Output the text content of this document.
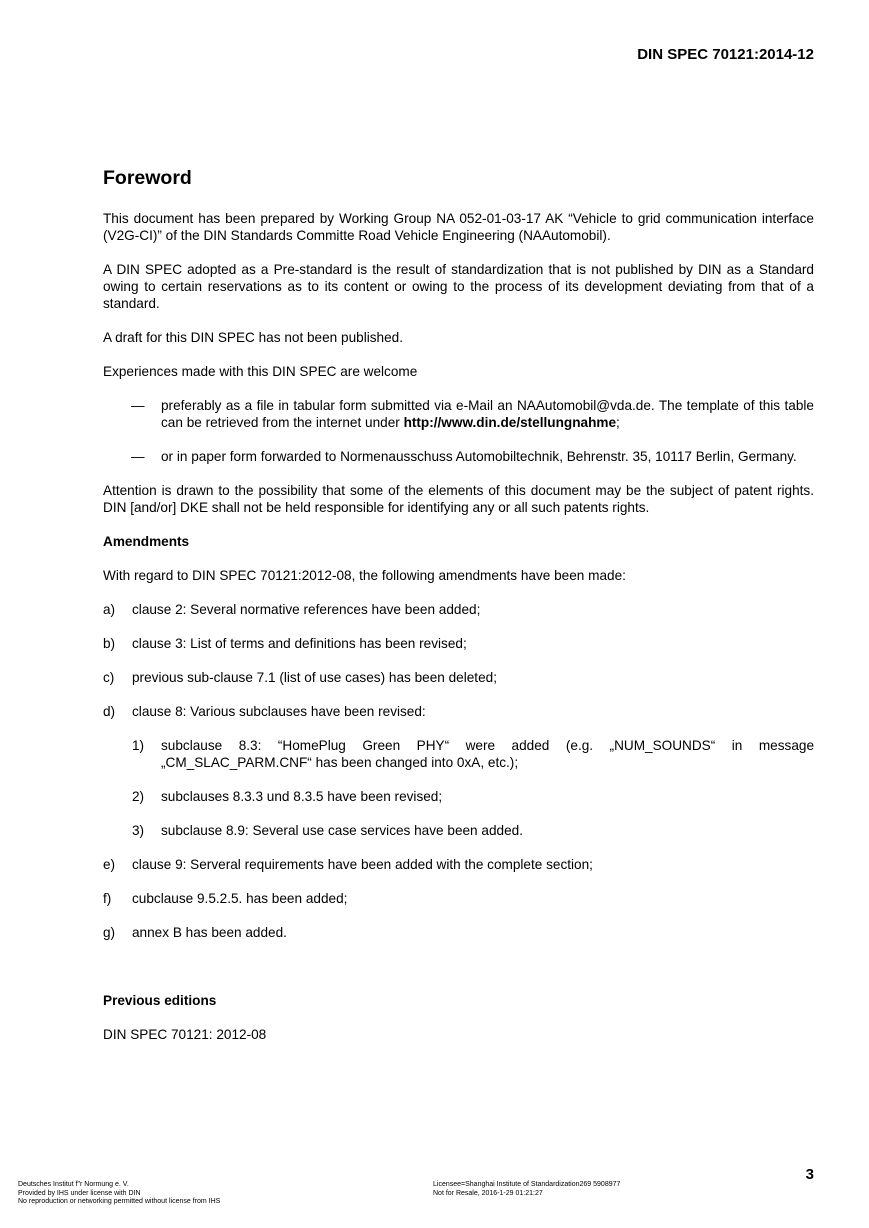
DIN SPEC 70121:2014-12
Foreword

This document has been prepared by Working Group NA 052-01-03-17 AK “Vehicle to grid communication interface (V2G-CI)” of the DIN Standards Committe Road Vehicle Engineering (NAAutomobil).

A DIN SPEC adopted as a Pre-standard is the result of standardization that is not published by DIN as a Standard owing to certain reservations as to its content or owing to the process of its development deviating from that of a standard.

A draft for this DIN SPEC has not been published.

Experiences made with this DIN SPEC are welcome

—	preferably as a file in tabular form submitted via e-Mail an NAAutomobil@vda.de. The template of this table can be retrieved from the internet under http://www.din.de/stellungnahme;
—	or in paper form forwarded to Normenausschuss Automobiltechnik, Behrenstr. 35, 10117 Berlin, Germany.

Attention is drawn to the possibility that some of the elements of this document may be the subject of patent rights. DIN [and/or] DKE shall not be held responsible for identifying any or all such patents rights.

Amendments

With regard to DIN SPEC 70121:2012-08, the following amendments have been made:

a)	clause 2: Several normative references have been added;
b)	clause 3: List of terms and definitions has been revised;
c)	previous sub-clause 7.1 (list of use cases) has been deleted;
d)	clause 8: Various subclauses have been revised:
1)	subclause 8.3: “HomePlug Green PHY“ were added (e.g. „NUM_SOUNDS“ in message „CM_SLAC_PARM.CNF“ has been changed into 0xA, etc.);
2)	subclauses 8.3.3 und 8.3.5 have been revised;
3)	subclause 8.9: Several use case services have been added.
e)	clause 9: Serveral requirements have been added with the complete section;
f)	cubclause 9.5.2.5. has been added;
g)	annex B has been added.
Previous editions

DIN SPEC 70121: 2012-08

3
Deutsches Institut f"r Normung e. V.
Provided by IHS under license with DIN
No reproduction or networking permitted without license from IHS
Licensee=Shanghai Institute of Standardization269 5908977
Not for Resale, 2016-1-29 01:21:27
